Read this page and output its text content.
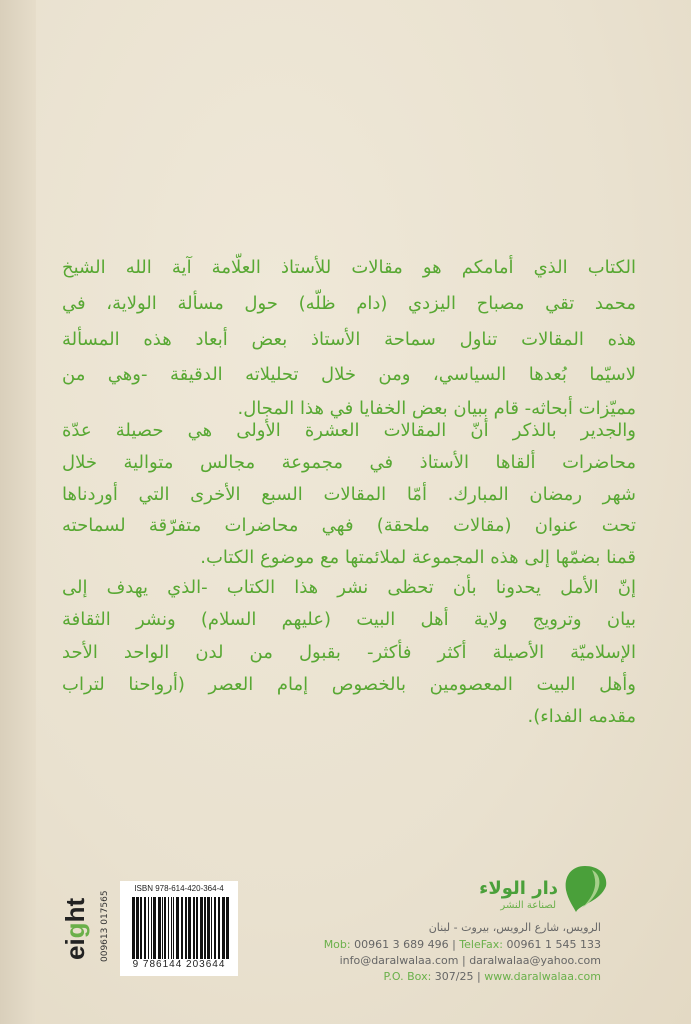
الكتاب الذي أمامكم هو مقالات للأستاذ العلّامة آية الله الشيخ
محمد تقي مصباح اليزدي (دام ظلّه) حول مسألة الولاية، في
هذه المقالات تناول سماحة الأستاذ بعض أبعاد هذه المسألة
لاسيّما بُعدها السياسي، ومن خلال تحليلاته الدقيقة -وهي من
مميّزات أبحاثه- قام ببيان بعض الخفايا في هذا المجال.
والجدير بالذكر أنّ المقالات العشرة الأولى هي حصيلة عدّة
محاضرات ألقاها الأستاذ في مجموعة مجالس متوالية خلال
شهر رمضان المبارك. أمّا المقالات السبع الأخرى التي أوردناها
تحت عنوان (مقالات ملحقة) فهي محاضرات متفرّقة لسماحته
قمنا بضمّها إلى هذه المجموعة لملائمتها مع موضوع الكتاب.
إنّ الأمل يحدونا بأن تحظى نشر هذا الكتاب -الذي يهدف إلى
بيان وترويج ولاية أهل البيت (عليهم السلام) ونشر الثقافة
الإسلاميّة الأصيلة أكثر فأكثر- بقبول من لدن الواحد الأحد
وأهل البيت المعصومين بالخصوص إمام العصر (أرواحنا لتراب
مقدمه الفداء).
دار الولاء
لصناعة النشر
الرويس، شارع الرويس، بيروت - لبنان
Mob: 00961 3 689 496 | TeleFax: 00961 1 545 133
info@daralwalaa.com | daralwalaa@yahoo.com
P.O. Box: 307/25 | www.daralwalaa.com
ISBN 978-614-420-364-4
9 786144 203644
eight 009613 017565
